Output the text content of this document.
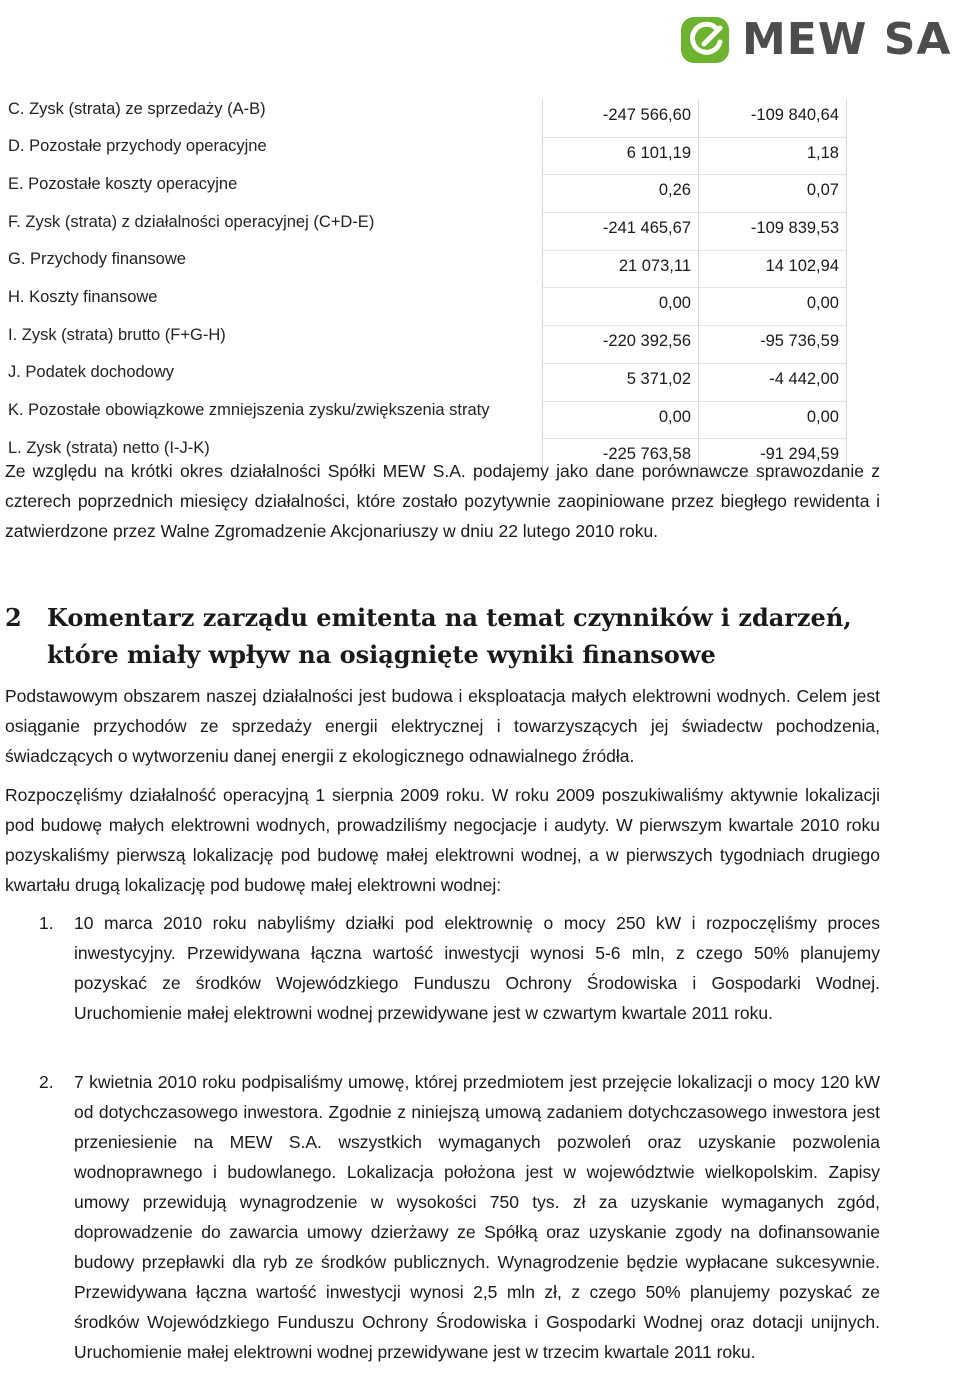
MEW SA
C. Zysk (strata) ze sprzedaży (A-B)	-247 566,60	-109 840,64
D. Pozostałe przychody operacyjne	6 101,19	1,18
E. Pozostałe koszty operacyjne	0,26	0,07
F. Zysk (strata) z działalności operacyjnej (C+D-E)	-241 465,67	-109 839,53
G. Przychody finansowe	21 073,11	14 102,94
H. Koszty finansowe	0,00	0,00
I. Zysk (strata) brutto (F+G-H)	-220 392,56	-95 736,59
J. Podatek dochodowy	5 371,02	-4 442,00
K. Pozostałe obowiązkowe zmniejszenia zysku/zwiększenia straty	0,00	0,00
L. Zysk (strata) netto (I-J-K)	-225 763,58	-91 294,59

Ze względu na krótki okres działalności Spółki MEW S.A. podajemy jako dane porównawcze sprawozdanie z czterech poprzednich miesięcy działalności, które zostało pozytywnie zaopiniowane przez biegłego rewidenta i zatwierdzone przez Walne Zgromadzenie Akcjonariuszy w dniu 22 lutego 2010 roku.

2	Komentarz zarządu emitenta na temat czynników i zdarzeń, które miały wpływ na osiągnięte wyniki finansowe

Podstawowym obszarem naszej działalności jest budowa i eksploatacja małych elektrowni wodnych. Celem jest osiąganie przychodów ze sprzedaży energii elektrycznej i towarzyszących jej świadectw pochodzenia, świadczących o wytworzeniu danej energii z ekologicznego odnawialnego źródła.

Rozpoczęliśmy działalność operacyjną 1 sierpnia 2009 roku. W roku 2009 poszukiwaliśmy aktywnie lokalizacji pod budowę małych elektrowni wodnych, prowadziliśmy negocjacje i audyty. W pierwszym kwartale 2010 roku pozyskaliśmy pierwszą lokalizację pod budowę małej elektrowni wodnej, a w pierwszych tygodniach drugiego kwartału drugą lokalizację pod budowę małej elektrowni wodnej:

1.	10 marca 2010 roku nabyliśmy działki pod elektrownię o mocy 250 kW i rozpoczęliśmy proces inwestycyjny. Przewidywana łączna wartość inwestycji wynosi 5-6 mln, z czego 50% planujemy pozyskać ze środków Wojewódzkiego Funduszu Ochrony Środowiska i Gospodarki Wodnej. Uruchomienie małej elektrowni wodnej przewidywane jest w czwartym kwartale 2011 roku.
2.	7 kwietnia 2010 roku podpisaliśmy umowę, której przedmiotem jest przejęcie lokalizacji o mocy 120 kW od dotychczasowego inwestora. Zgodnie z niniejszą umową zadaniem dotychczasowego inwestora jest przeniesienie na MEW S.A. wszystkich wymaganych pozwoleń oraz uzyskanie pozwolenia wodnoprawnego i budowlanego. Lokalizacja położona jest w województwie wielkopolskim. Zapisy umowy przewidują wynagrodzenie w wysokości 750 tys. zł za uzyskanie wymaganych zgód, doprowadzenie do zawarcia umowy dzierżawy ze Spółką oraz uzyskanie zgody na dofinansowanie budowy przepławki dla ryb ze środków publicznych. Wynagrodzenie będzie wypłacane sukcesywnie. Przewidywana łączna wartość inwestycji wynosi 2,5 mln zł, z czego 50% planujemy pozyskać ze środków Wojewódzkiego Funduszu Ochrony Środowiska i Gospodarki Wodnej oraz dotacji unijnych. Uruchomienie małej elektrowni wodnej przewidywane jest w trzecim kwartale 2011 roku.
